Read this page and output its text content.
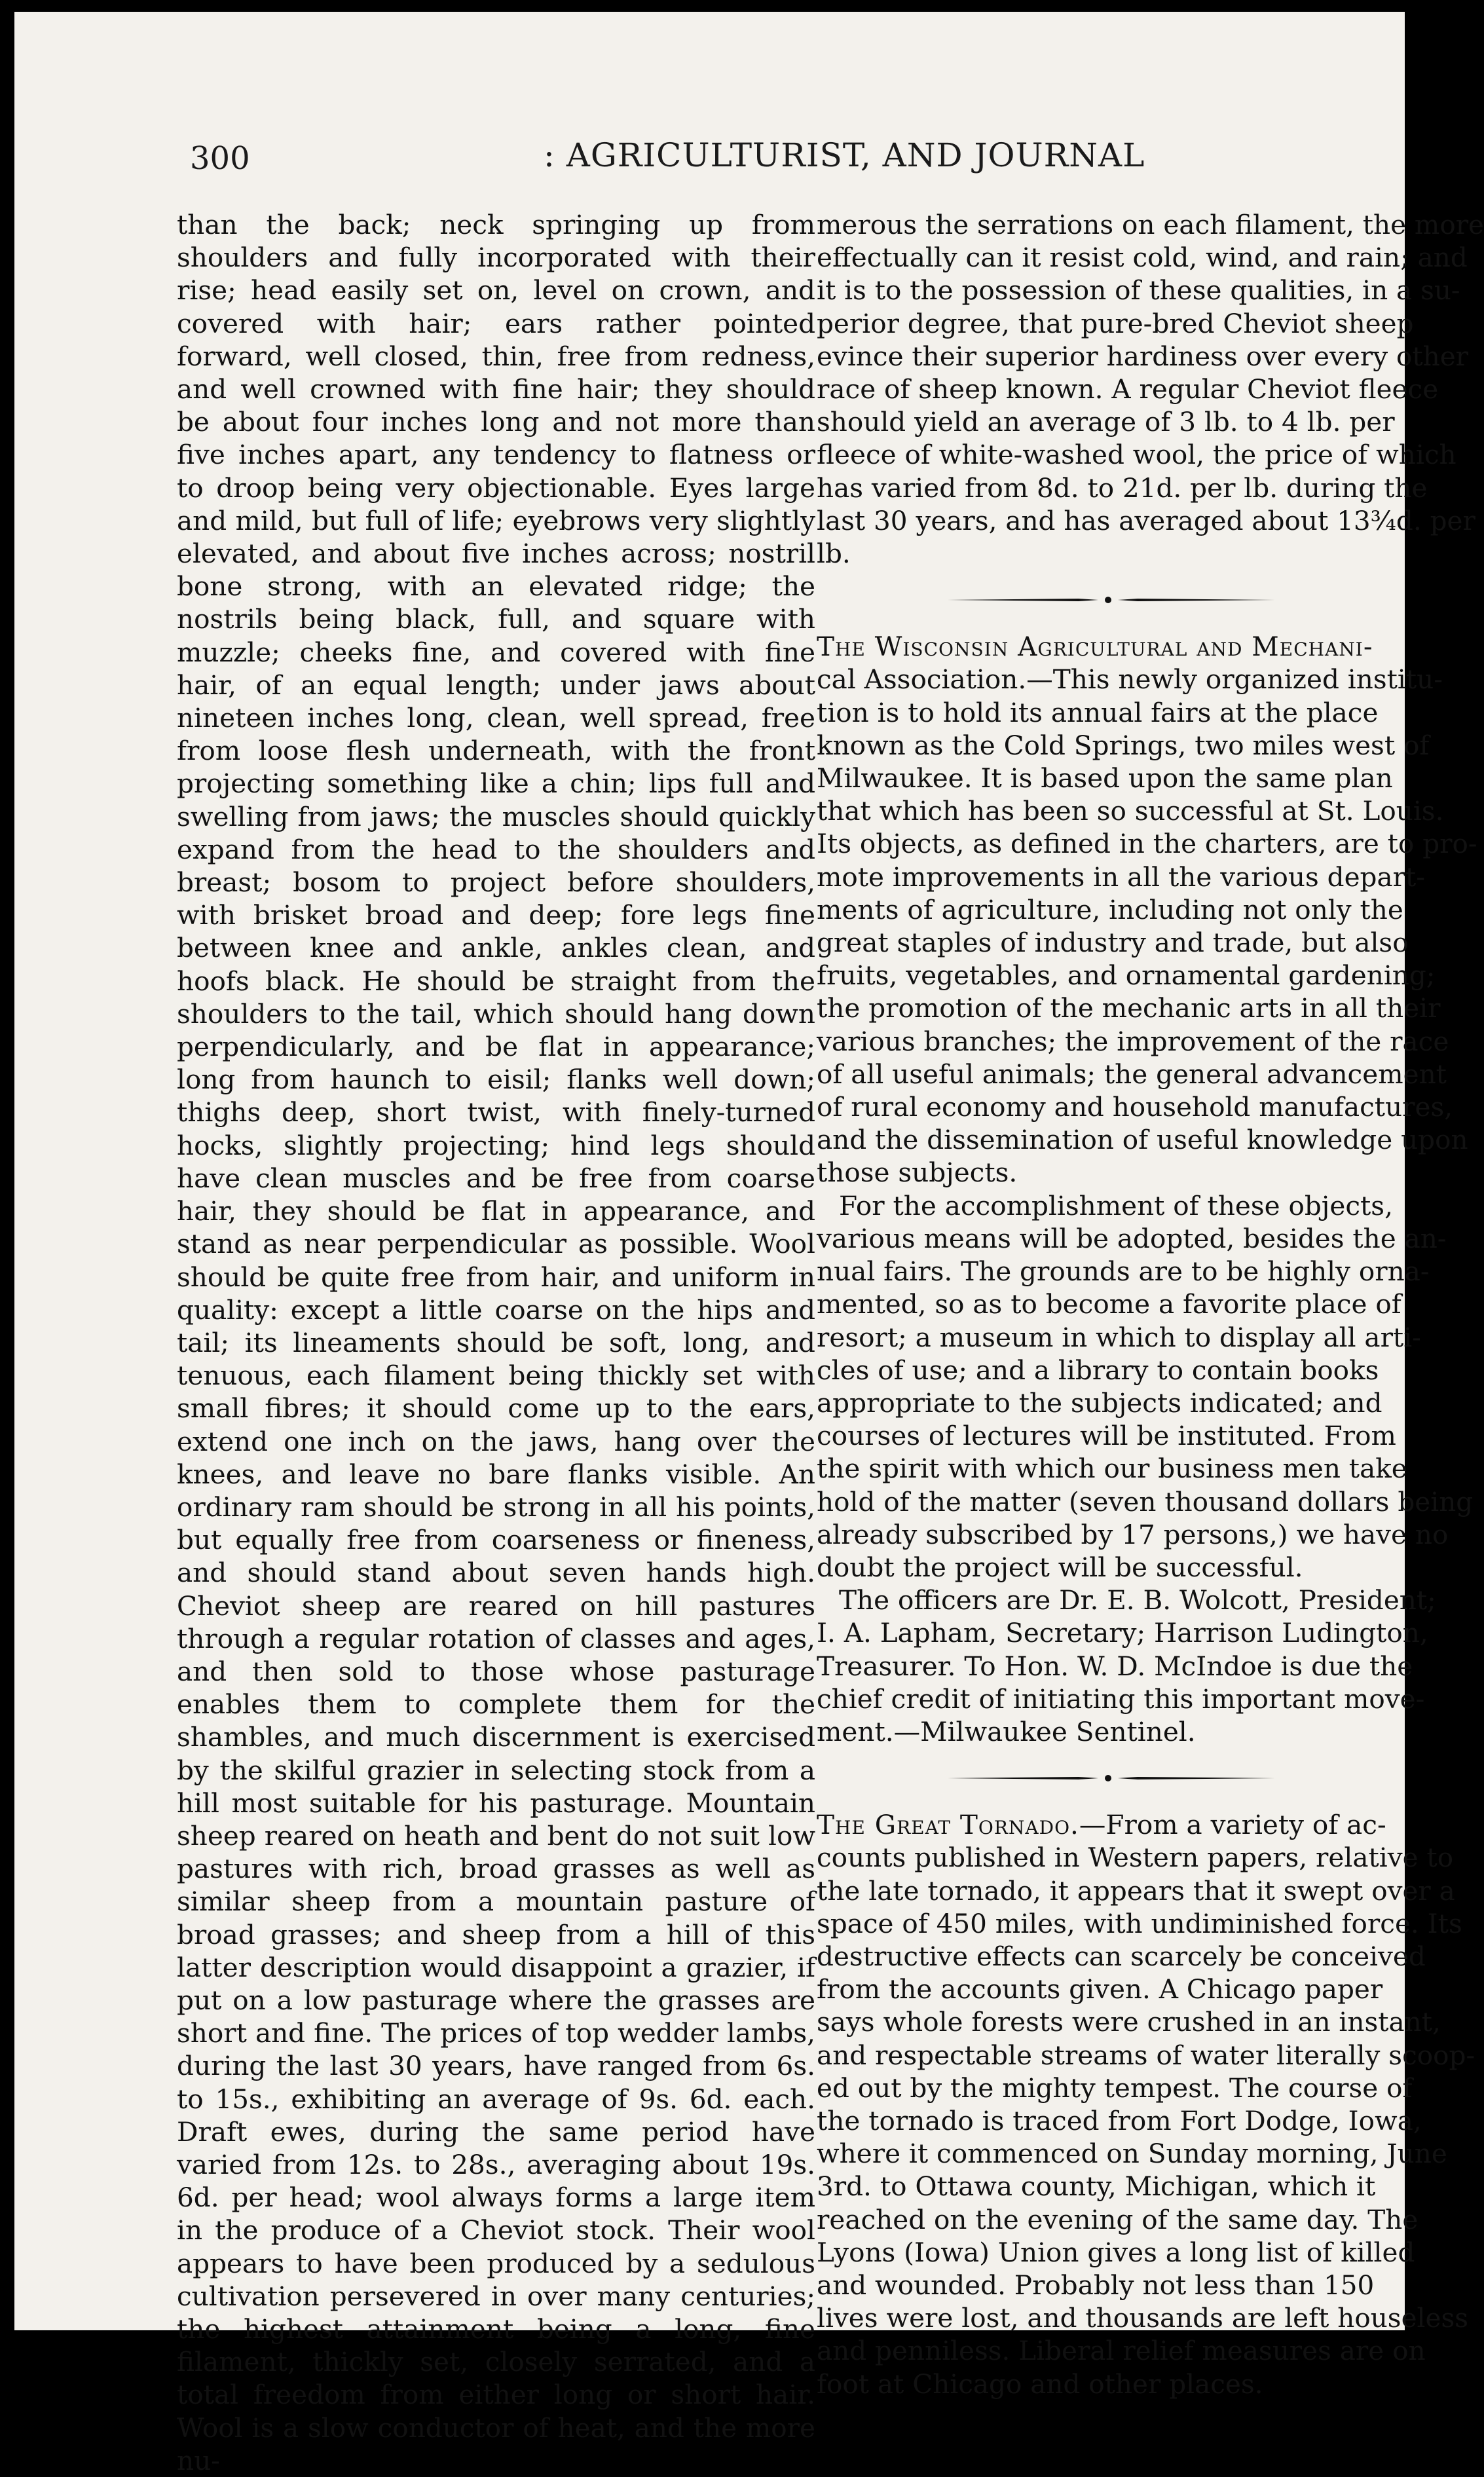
300	: AGRICULTURIST, AND JOURNAL

than the back; neck springing up from shoulders and fully incorporated with their rise; head easily set on, level on crown, and covered with hair; ears rather pointed forward, well closed, thin, free from redness, and well crowned with fine hair; they should be about four inches long and not more than five inches apart, any tendency to flatness or to droop being very objectionable. Eyes large and mild, but full of life; eyebrows very slightly elevated, and about five inches across; nostril bone strong, with an elevated ridge; the nostrils being black, full, and square with muzzle; cheeks fine, and covered with fine hair, of an equal length; under jaws about nineteen inches long, clean, well spread, free from loose flesh underneath, with the front projecting something like a chin; lips full and swelling from jaws; the muscles should quickly expand from the head to the shoulders and breast; bosom to project before shoulders, with brisket broad and deep; fore legs fine between knee and ankle, ankles clean, and hoofs black. He should be straight from the shoulders to the tail, which should hang down perpendicularly, and be flat in appearance; long from haunch to eisil; flanks well down; thighs deep, short twist, with finely-turned hocks, slightly projecting; hind legs should have clean muscles and be free from coarse hair, they should be flat in appearance, and stand as near perpendicular as possible. Wool should be quite free from hair, and uniform in quality: except a little coarse on the hips and tail; its lineaments should be soft, long, and tenuous, each filament being thickly set with small fibres; it should come up to the ears, extend one inch on the jaws, hang over the knees, and leave no bare flanks visible. An ordinary ram should be strong in all his points, but equally free from coarseness or fineness, and should stand about seven hands high. Cheviot sheep are reared on hill pastures through a regular rotation of classes and ages, and then sold to those whose pasturage enables them to complete them for the shambles, and much discernment is exercised by the skilful grazier in selecting stock from a hill most suitable for his pasturage. Mountain sheep reared on heath and bent do not suit low pastures with rich, broad grasses as well as similar sheep from a mountain pasture of broad grasses; and sheep from a hill of this latter description would disappoint a grazier, if put on a low pasturage where the grasses are short and fine. The prices of top wedder lambs, during the last 30 years, have ranged from 6s. to 15s., exhibiting an average of 9s. 6d. each. Draft ewes, during the same period have varied from 12s. to 28s., averaging about 19s. 6d. per head; wool always forms a large item in the produce of a Cheviot stock. Their wool appears to have been produced by a sedulous cultivation persevered in over many centuries; the highest attainment being a long, fine filament, thickly set, closely serrated, and a total freedom from either long or short hair. Wool is a slow conductor of heat, and the more nu-

merous the serrations on each filament, the more
effectually can it resist cold, wind, and rain; and
it is to the possession of these qualities, in a su-
perior degree, that pure-bred Cheviot sheep
evince their superior hardiness over every other
race of sheep known. A regular Cheviot fleece
should yield an average of 3 lb. to 4 lb. per
fleece of white-washed wool, the price of which
has varied from 8d. to 21d. per lb. during the
last 30 years, and has averaged about 13¾d. per
lb.
The Wisconsin Agricultural and Mechani-
cal Association.—This newly organized institu-
tion is to hold its annual fairs at the place
known as the Cold Springs, two miles west of
Milwaukee. It is based upon the same plan
that which has been so successful at St. Louis.
Its objects, as defined in the charters, are to pro-
mote improvements in all the various depart-
ments of agriculture, including not only the
great staples of industry and trade, but also
fruits, vegetables, and ornamental gardening;
the promotion of the mechanic arts in all their
various branches; the improvement of the race
of all useful animals; the general advancement
of rural economy and household manufactures,
and the dissemination of useful knowledge upon
those subjects.
For the accomplishment of these objects,
various means will be adopted, besides the an-
nual fairs. The grounds are to be highly orna-
mented, so as to become a favorite place of
resort; a museum in which to display all arti-
cles of use; and a library to contain books
appropriate to the subjects indicated; and
courses of lectures will be instituted. From
the spirit with which our business men take
hold of the matter (seven thousand dollars being
already subscribed by 17 persons,) we have no
doubt the project will be successful.
The officers are Dr. E. B. Wolcott, President;
I. A. Lapham, Secretary; Harrison Ludington,
Treasurer. To Hon. W. D. McIndoe is due the
chief credit of initiating this important move-
ment.—Milwaukee Sentinel.
The Great Tornado.—From a variety of ac-
counts published in Western papers, relative to
the late tornado, it appears that it swept over a
space of 450 miles, with undiminished force. Its
destructive effects can scarcely be conceived
from the accounts given. A Chicago paper
says whole forests were crushed in an instant,
and respectable streams of water literally scoop-
ed out by the mighty tempest. The course of
the tornado is traced from Fort Dodge, Iowa,
where it commenced on Sunday morning, June
3rd. to Ottawa county, Michigan, which it
reached on the evening of the same day. The
Lyons (Iowa) Union gives a long list of killed
and wounded. Probably not less than 150
lives were lost, and thousands are left houseless
and penniless. Liberal relief measures are on
foot at Chicago and other places.
